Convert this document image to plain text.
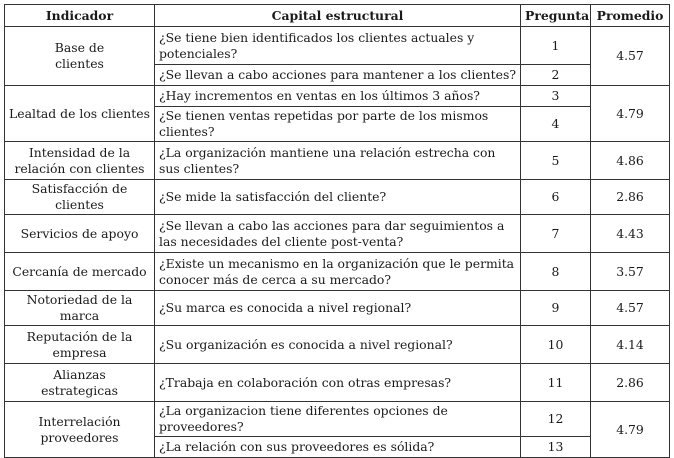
Indicador	Capital estructural	Pregunta	Promedio
Base de clientes	¿Se tiene bien identificados los clientes actuales y potenciales?	1	4.57
	¿Se llevan a cabo acciones para mantener a los clientes?	2	
Lealtad de los clientes	¿Hay incrementos en ventas en los últimos 3 años?	3	4.79
	¿Se tienen ventas repetidas por parte de los mismos clientes?	4	
Intensidad de la relación con clientes	¿La organización mantiene una relación estrecha con sus clientes?	5	4.86
Satisfacción de clientes	¿Se mide la satisfacción del cliente?	6	2.86
Servicios de apoyo	¿Se llevan a cabo las acciones para dar seguimientos a las necesidades del cliente post-venta?	7	4.43
Cercanía de mercado	¿Existe un mecanismo en la organización que le permita conocer más de cerca a su mercado?	8	3.57
Notoriedad de la marca	¿Su marca es conocida a nivel regional?	9	4.57
Reputación de la empresa	¿Su organización es conocida a nivel regional?	10	4.14
Alianzas estrategicas	¿Trabaja en colaboración con otras empresas?	11	2.86
Interrelación proveedores	¿La organizacion tiene diferentes opciones de proveedores?	12	4.79
	¿La relación con sus proveedores es sólida?	13	
